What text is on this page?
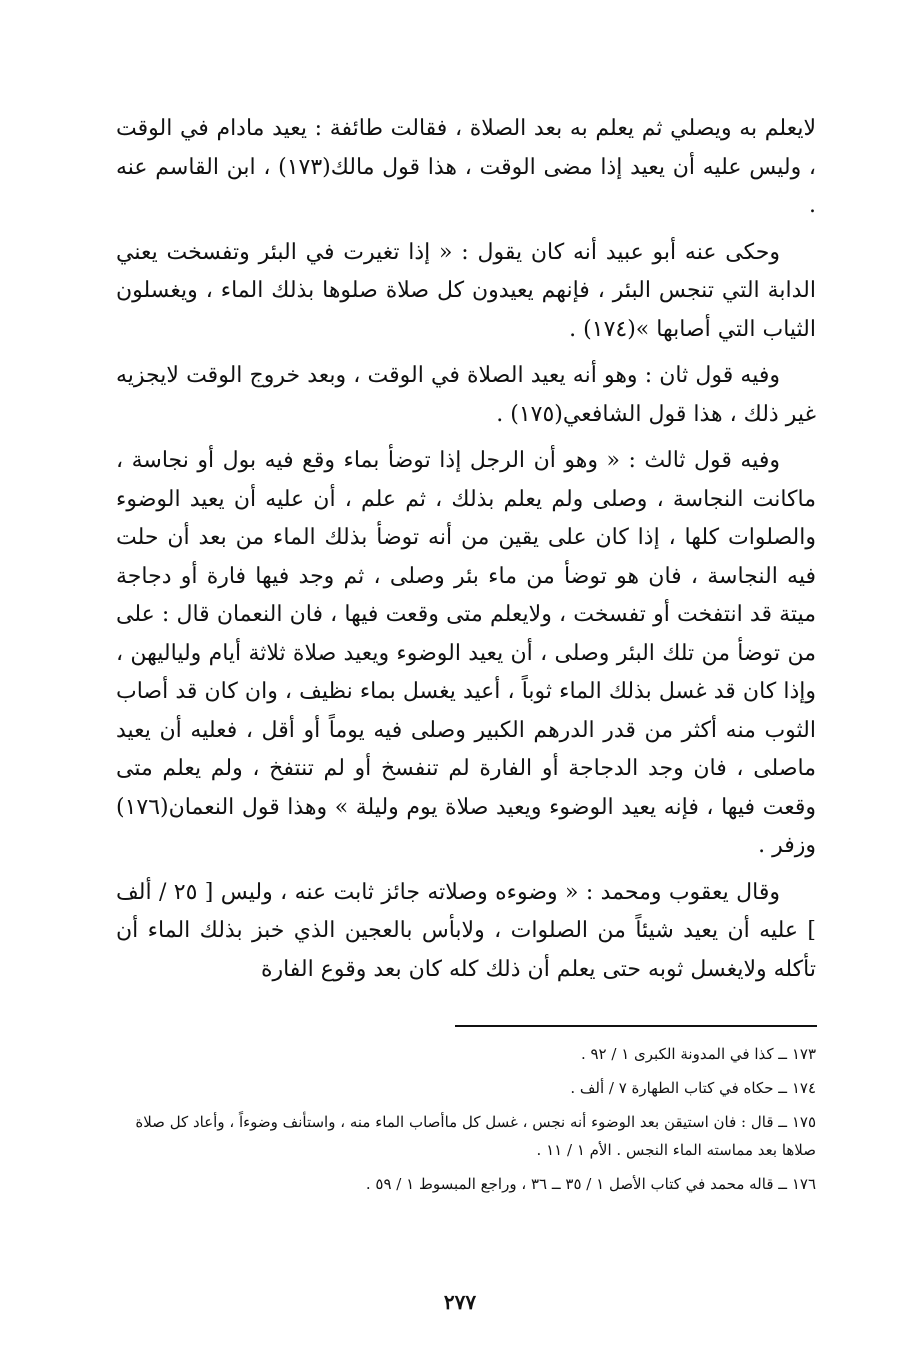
لايعلم به ويصلي ثم يعلم به بعد الصلاة ، فقالت طائفة : يعيد مادام في الوقت ، وليس عليه أن يعيد إذا مضى الوقت ، هذا قول مالك(١٧٣) ، ابن القاسم عنه .

وحكى عنه أبو عبيد أنه كان يقول : « إذا تغيرت في البئر وتفسخت يعني الدابة التي تنجس البئر ، فإنهم يعيدون كل صلاة صلوها بذلك الماء ، ويغسلون الثياب التي أصابها »(١٧٤) .

وفيه قول ثان : وهو أنه يعيد الصلاة في الوقت ، وبعد خروج الوقت لايجزيه غير ذلك ، هذا قول الشافعي(١٧٥) .

وفيه قول ثالث : « وهو أن الرجل إذا توضأ بماء وقع فيه بول أو نجاسة ، ماكانت النجاسة ، وصلى ولم يعلم بذلك ، ثم علم ، أن عليه أن يعيد الوضوء والصلوات كلها ، إذا كان على يقين من أنه توضأ بذلك الماء من بعد أن حلت فيه النجاسة ، فان هو توضأ من ماء بئر وصلى ، ثم وجد فيها فارة أو دجاجة ميتة قد انتفخت أو تفسخت ، ولايعلم متى وقعت فيها ، فان النعمان قال : على من توضأ من تلك البئر وصلى ، أن يعيد الوضوء ويعيد صلاة ثلاثة أيام ولياليهن ، وإذا كان قد غسل بذلك الماء ثوباً ، أعيد يغسل بماء نظيف ، وان كان قد أصاب الثوب منه أكثر من قدر الدرهم الكبير وصلى فيه يوماً أو أقل ، فعليه أن يعيد ماصلى ، فان وجد الدجاجة أو الفارة لم تنفسخ أو لم تنتفخ ، ولم يعلم متى وقعت فيها ، فإنه يعيد الوضوء ويعيد صلاة يوم وليلة » وهذا قول النعمان(١٧٦) وزفر .

وقال يعقوب ومحمد : « وضوءه وصلاته جائز ثابت عنه ، وليس [ ٢٥ / ألف ] عليه أن يعيد شيئاً من الصلوات ، ولابأس بالعجين الذي خبز بذلك الماء أن تأكله ولايغسل ثوبه حتى يعلم أن ذلك كله كان بعد وقوع الفارة

١٧٣ ــ كذا في المدونة الكبرى ١ / ٩٢ .

١٧٤ ــ حكاه في كتاب الطهارة ٧ / ألف .

١٧٥ ــ قال : فان استيقن بعد الوضوء أنه نجس ، غسل كل ماأصاب الماء منه ، واستأنف وضوءاً ، وأعاد كل صلاة صلاها بعد مماسته الماء النجس . الأم ١ / ١١ .

١٧٦ ــ قاله محمد في كتاب الأصل ١ / ٣٥ ــ ٣٦ ، وراجع المبسوط ١ / ٥٩ .

٢٧٧
